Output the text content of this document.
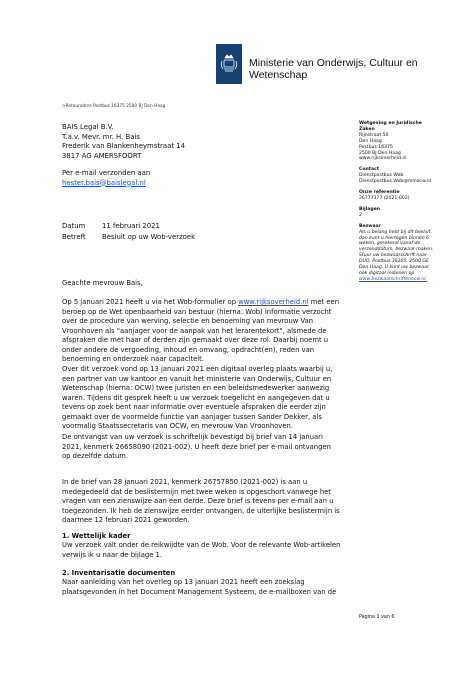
Ministerie van Onderwijs, Cultuur en
Wetenschap
>Retouradres Postbus 16375 2500 BJ Den Haag
BAIS Legal B.V.
T.a.v. Mevr. mr. H. Bais
Frederik van Blankenheymstraat 14
3817 AG AMERSFOORT
Per e-mail verzonden aan
hester.bais@baislegal.nl
Datum	11 februari 2021
Betreft	Besluit op uw Wob-verzoek
Wetgeving en Juridische
Zaken
Rijnstraat 50
Den Haag
Postbus 16375
2500 BJ Den Haag
www.rijksoverheid.nl
Contact
Dienstpostbus Wob
Dienstpostbus.Wob@minocw.nl
Onze referentie
26777377 (2021-002)
Bijlagen
2
Bezwaar
Als u belang hebt bij dit besluit,
dan kunt u hiertegen binnen 6
weken, gerekend vanaf de
verzenddatum, bezwaar maken.
Stuur uw bezwaarschrift naar
DUO, Postbus 30205, 2500 GE
Den Haag. U kunt uw bezwaar
ook digitaal indienen op
www.bezwaarschriftenocw.nl.
Geachte mevrouw Bais,
Op 5 januari 2021 heeft u via het Wob-formulier op www.rijksoverheid.nl met een
beroep op de Wet openbaarheid van bestuur (hierna: Wob) informatie verzocht
over de procedure van werving, selectie en benoeming van mevrouw Van
Vroonhoven als "aanjager voor de aanpak van het lerarentekort", alsmede de
afspraken die met haar of derden zijn gemaakt over deze rol. Daarbij noemt u
onder andere de vergoeding, inhoud en omvang, opdracht(en), reden van
benoeming en onderzoek naar capaciteit.
Over dit verzoek vond op 13 januari 2021 een digitaal overleg plaats waarbij u,
een partner van uw kantoor en vanuit het ministerie van Onderwijs, Cultuur en
Wetenschap (hierna: OCW) twee juristen en een beleidsmedewerker aanwezig
waren. Tijdens dit gesprek heeft u uw verzoek toegelicht en aangegeven dat u
tevens op zoek bent naar informatie over eventuele afspraken die eerder zijn
gemaakt over de voormelde functie van aanjager tussen Sander Dekker, als
voormalig Staatssecretaris van OCW, en mevrouw Van Vroonhoven.
De ontvangst van uw verzoek is schriftelijk bevestigd bij brief van 14 januari
2021, kenmerk 26658090 (2021-002). U heeft deze brief per e-mail ontvangen
op dezelfde datum.
In de brief van 28 januari 2021, kenmerk 26757850 (2021-002) is aan u
medegedeeld dat de beslistermijn met twee weken is opgeschort vanwege het
vragen van een zienswijze aan een derde. Deze brief is tevens per e-mail aan u
toegezonden. Ik heb de zienswijze eerder ontvangen, de uiterlijke beslistermijn is
daarmee 12 februari 2021 geworden.
1. Wettelijk kader
Uw verzoek valt onder de reikwijdte van de Wob. Voor de relevante Wob-artikelen
verwijs ik u naar de bijlage 1.
2. Inventarisatie documenten
Naar aanleiding van het overleg op 13 januari 2021 heeft een zoekslag
plaatsgevonden in het Document Management Systeem, de e-mailboxen van de
Pagina 1 van 6
